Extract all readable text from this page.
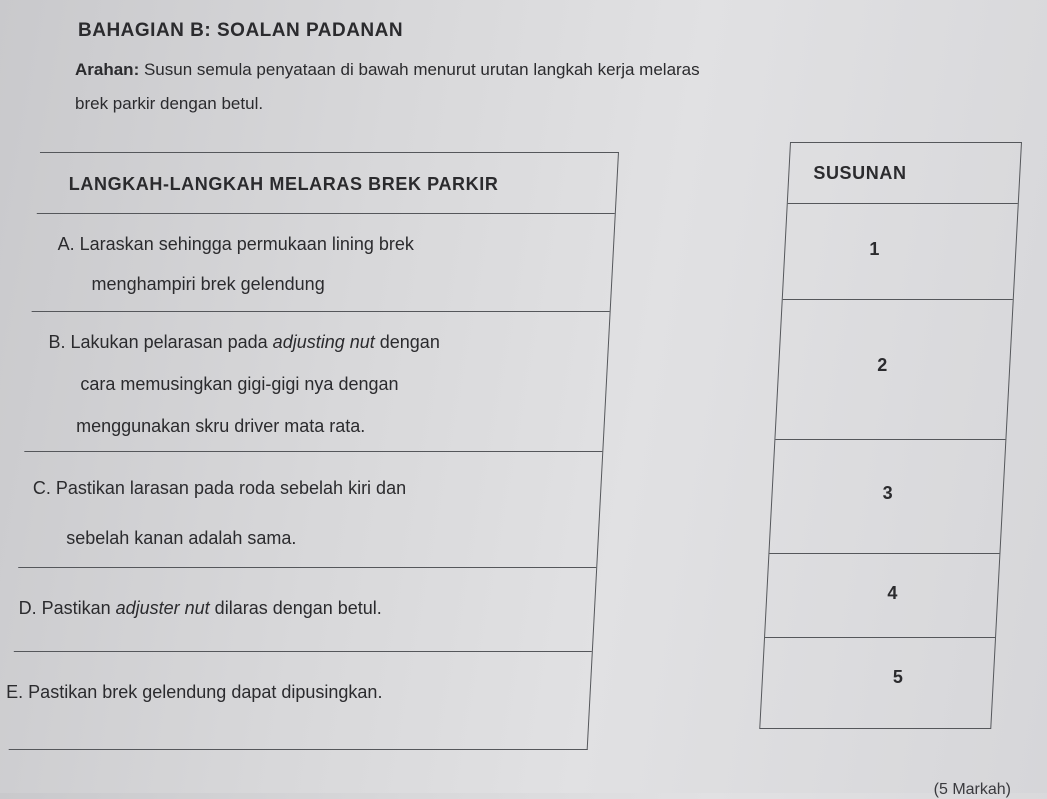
BAHAGIAN B: SOALAN PADANAN
Arahan: Susun semula penyataan di bawah menurut urutan langkah kerja melaras
brek parkir dengan betul.
LANGKAH-LANGKAH MELARAS BREK PARKIR
A. Laraskan sehingga permukaan lining brek
menghampiri brek gelendung
B. Lakukan pelarasan pada adjusting nut dengan
cara memusingkan gigi-gigi nya dengan
menggunakan skru driver mata rata.
C. Pastikan larasan pada roda sebelah kiri dan
sebelah kanan adalah sama.
D. Pastikan adjuster nut dilaras dengan betul.
E. Pastikan brek gelendung dapat dipusingkan.
SUSUNAN
1
2
3
4
5
(5 Markah)
